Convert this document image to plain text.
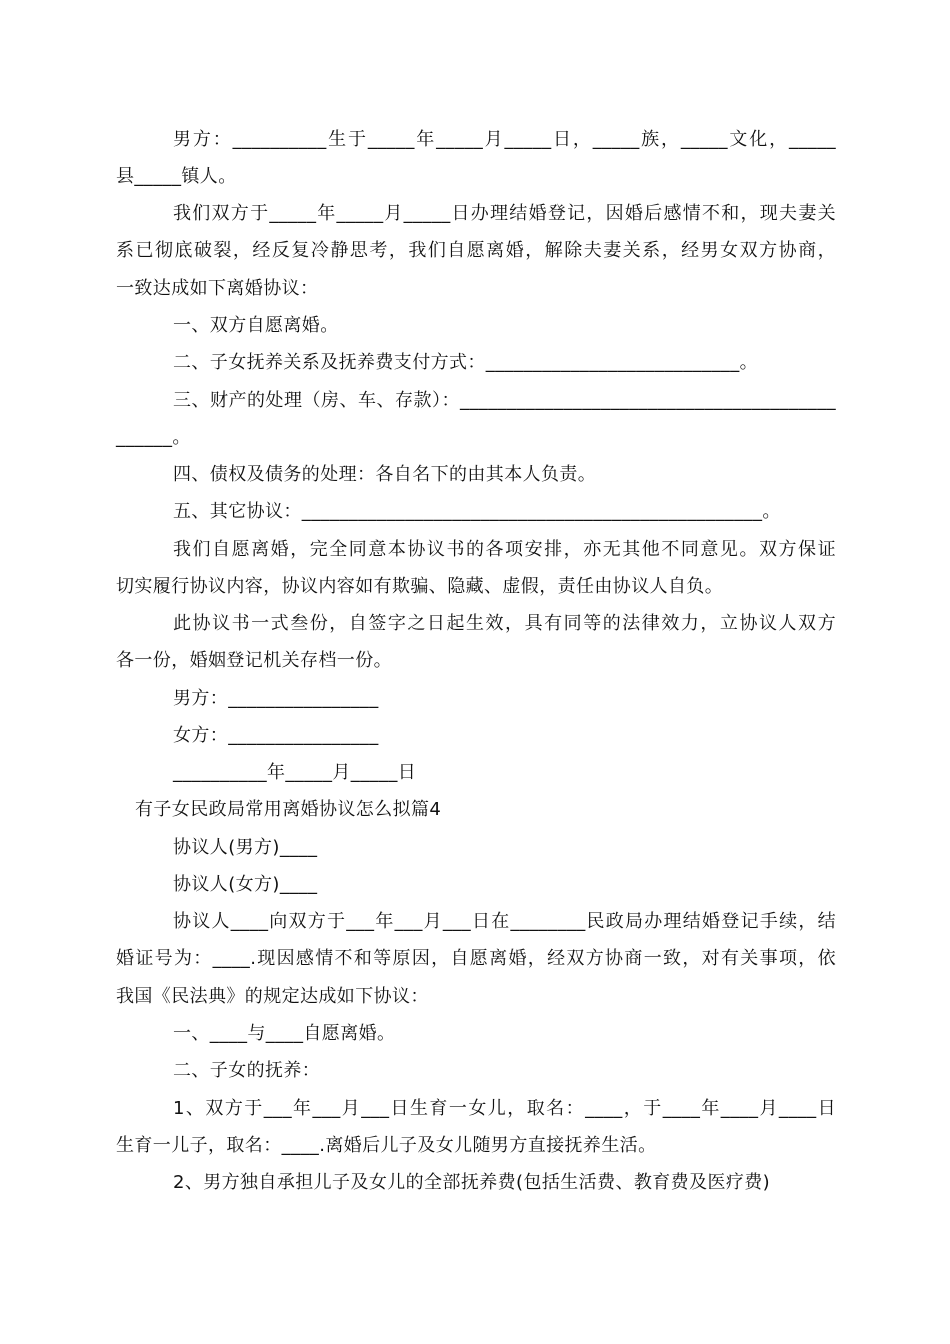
男方：__________生于_____年_____月_____日，_____族，_____文化，_____
县_____镇人。
我们双方于_____年_____月_____日办理结婚登记，因婚后感情不和，现夫妻关
系已彻底破裂，经反复冷静思考，我们自愿离婚，解除夫妻关系，经男女双方协商，
一致达成如下离婚协议：
一、双方自愿离婚。
二、子女抚养关系及抚养费支付方式：___________________________。
三、财产的处理（房、车、存款）：________________________________________
______。
四、债权及债务的处理：各自名下的由其本人负责。
五、其它协议：_________________________________________________。
我们自愿离婚，完全同意本协议书的各项安排，亦无其他不同意见。双方保证
切实履行协议内容，协议内容如有欺骗、隐藏、虚假，责任由协议人自负。
此协议书一式叁份，自签字之日起生效，具有同等的法律效力，立协议人双方
各一份，婚姻登记机关存档一份。
男方：________________
女方：________________
__________年_____月_____日
有子女民政局常用离婚协议怎么拟篇4
协议人(男方)____
协议人(女方)____
协议人____向双方于___年___月___日在________民政局办理结婚登记手续，结
婚证号为：____.现因感情不和等原因，自愿离婚，经双方协商一致，对有关事项，依
我国《民法典》的规定达成如下协议：
一、____与____自愿离婚。
二、子女的抚养：
1、双方于___年___月___日生育一女儿，取名：____，于____年____月____日
生育一儿子，取名：____.离婚后儿子及女儿随男方直接抚养生活。
2、男方独自承担儿子及女儿的全部抚养费(包括生活费、教育费及医疗费)
